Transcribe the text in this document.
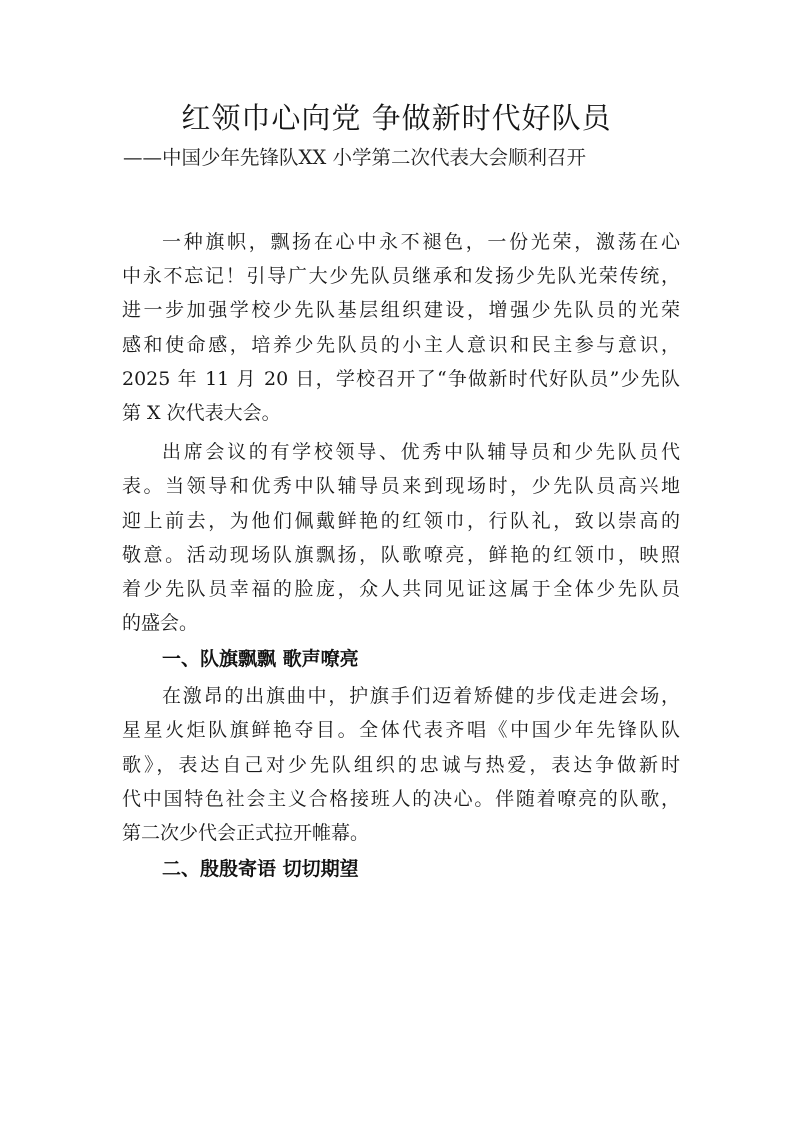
红领巾心向党 争做新时代好队员
——中国少年先锋队XX 小学第二次代表大会顺利召开
一种旗帜，飘扬在心中永不褪色，一份光荣，激荡在心
中永不忘记！引导广大少先队员继承和发扬少先队光荣传统，
进一步加强学校少先队基层组织建设，增强少先队员的光荣
感和使命感，培养少先队员的小主人意识和民主参与意识，
2025 年 11 月 20 日，学校召开了“争做新时代好队员”少先队
第 X 次代表大会。
出席会议的有学校领导、优秀中队辅导员和少先队员代
表。当领导和优秀中队辅导员来到现场时，少先队员高兴地
迎上前去，为他们佩戴鲜艳的红领巾，行队礼，致以崇高的
敬意。活动现场队旗飘扬，队歌嘹亮，鲜艳的红领巾，映照
着少先队员幸福的脸庞，众人共同见证这属于全体少先队员
的盛会。
一、队旗飘飘 歌声嘹亮
在激昂的出旗曲中，护旗手们迈着矫健的步伐走进会场，
星星火炬队旗鲜艳夺目。全体代表齐唱《中国少年先锋队队
歌》，表达自己对少先队组织的忠诚与热爱，表达争做新时
代中国特色社会主义合格接班人的决心。伴随着嘹亮的队歌，
第二次少代会正式拉开帷幕。
二、殷殷寄语 切切期望
